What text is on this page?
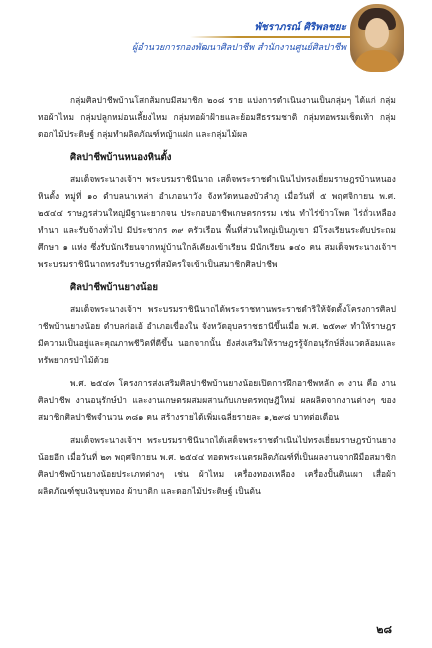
พัชราภรณ์ ศิริพลชยะ
ผู้อำนวยการกองพัฒนาศิลปาชีพ สำนักงานศูนย์ศิลปาชีพ

กลุ่มศิลปาชีพบ้านโสกส้มกบมีสมาชิก ๒๐๘ ราย แบ่งการดำเนินงานเป็นกลุ่มๆ ได้แก่ กลุ่มทอผ้าไหม กลุ่มปลูกหม่อนเลี้ยงไหม กลุ่มทอผ้าฝ้ายและย้อมสีธรรมชาติ กลุ่มทอพรมเช็ดเท้า กลุ่มดอกไม้ประดิษฐ์ กลุ่มทำผลิตภัณฑ์หญ้าแฝก และกลุ่มไม้ผล

ศิลปาชีพบ้านหนองหินตั้ง

สมเด็จพระนางเจ้าฯ พระบรมราชินีนาถ เสด็จพระราชดำเนินไปทรงเยี่ยมราษฎรบ้านหนองหินตั้ง หมู่ที่ ๑๐ ตำบลนาเหล่า อำเภอนาวัง จังหวัดหนองบัวลำภู เมื่อวันที่ ๕ พฤศจิกายน พ.ศ. ๒๕๔๔ ราษฎรส่วนใหญ่มีฐานะยากจน ประกอบอาชีพเกษตรกรรม เช่น ทำไร่ข้าวโพด ไร่ถั่วเหลือง ทำนา และรับจ้างทั่วไป มีประชากร ๓๙ ครัวเรือน พื้นที่ส่วนใหญ่เป็นภูเขา มีโรงเรียนระดับประถมศึกษา ๑ แห่ง ซึ่งรับนักเรียนจากหมู่บ้านใกล้เคียงเข้าเรียน มีนักเรียน ๑๔๐ คน สมเด็จพระนางเจ้าฯ พระบรมราชินีนาถทรงรับราษฎรที่สมัครใจเข้าเป็นสมาชิกศิลปาชีพ

ศิลปาชีพบ้านยางน้อย

สมเด็จพระนางเจ้าฯ พระบรมราชินีนาถได้พระราชทานพระราชดำริให้จัดตั้งโครงการศิลปาชีพบ้านยางน้อย ตำบลก่อเอ้ อำเภอเขื่องใน จังหวัดอุบลราชธานีขึ้นเมื่อ พ.ศ. ๒๕๓๙ ทำให้ราษฎรมีความเป็นอยู่และคุณภาพชีวิตที่ดีขึ้น นอกจากนั้น ยังส่งเสริมให้ราษฎรรู้จักอนุรักษ์สิ่งแวดล้อมและทรัพยากรป่าไม้ด้วย

พ.ศ. ๒๕๔๓ โครงการส่งเสริมศิลปาชีพบ้านยางน้อยเปิดการฝึกอาชีพหลัก ๓ งาน คือ งานศิลปาชีพ งานอนุรักษ์ป่า และงานเกษตรผสมผสานกับเกษตรทฤษฎีใหม่ ผลผลิตจากงานต่างๆ ของสมาชิกศิลปาชีพจำนวน ๓๘๑ คน สร้างรายได้เพิ่มเฉลี่ยรายละ ๑,๒๙๘ บาทต่อเดือน

สมเด็จพระนางเจ้าฯ พระบรมราชินีนาถได้เสด็จพระราชดำเนินไปทรงเยี่ยมราษฎรบ้านยางน้อยอีก เมื่อวันที่ ๒๓ พฤศจิกายน พ.ศ. ๒๕๔๔ ทอดพระเนตรผลิตภัณฑ์ที่เป็นผลงานจากฝีมือสมาชิกศิลปาชีพบ้านยางน้อยประเภทต่างๆ เช่น ผ้าไหม เครื่องทองเหลือง เครื่องปั้นดินเผา เสื่อผ้า ผลิตภัณฑ์ชุบเงินชุบทอง ผ้าบาติก และดอกไม้ประดิษฐ์ เป็นต้น

๒๘
